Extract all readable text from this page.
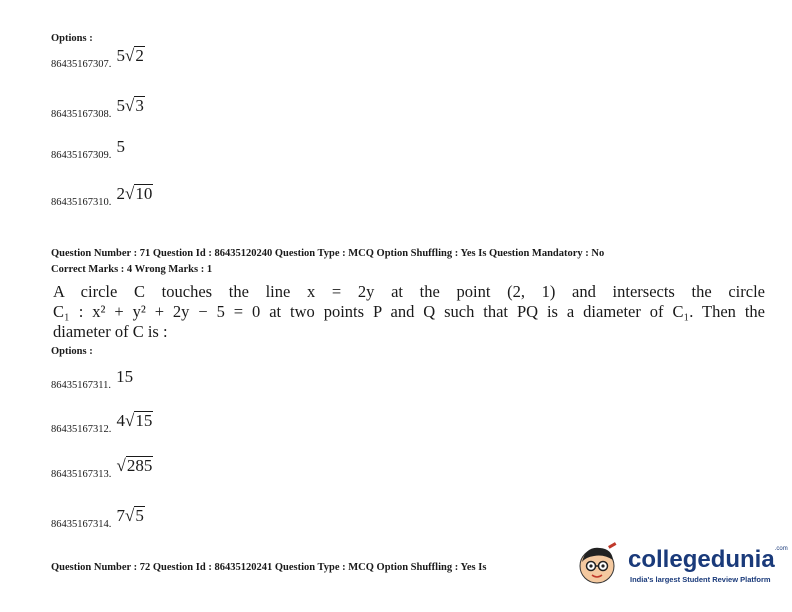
Options :
86435167307. 5√2
86435167308. 5√3
86435167309. 5
86435167310. 2√10
Question Number : 71 Question Id : 86435120240 Question Type : MCQ Option Shuffling : Yes Is Question Mandatory : No
Correct Marks : 4 Wrong Marks : 1
A circle C touches the line x = 2y at the point (2, 1) and intersects the circle
C₁ : x² + y² + 2y − 5 = 0 at two points P and Q such that PQ is a diameter of C₁. Then the
diameter of C is :
Options :
86435167311. 15
86435167312. 4√15
86435167313. √285
86435167314. 7√5
Question Number : 72 Question Id : 86435120241 Question Type : MCQ Option Shuffling : Yes Is	collegedunia$^{.com}$
India's largest Student Review Platform
